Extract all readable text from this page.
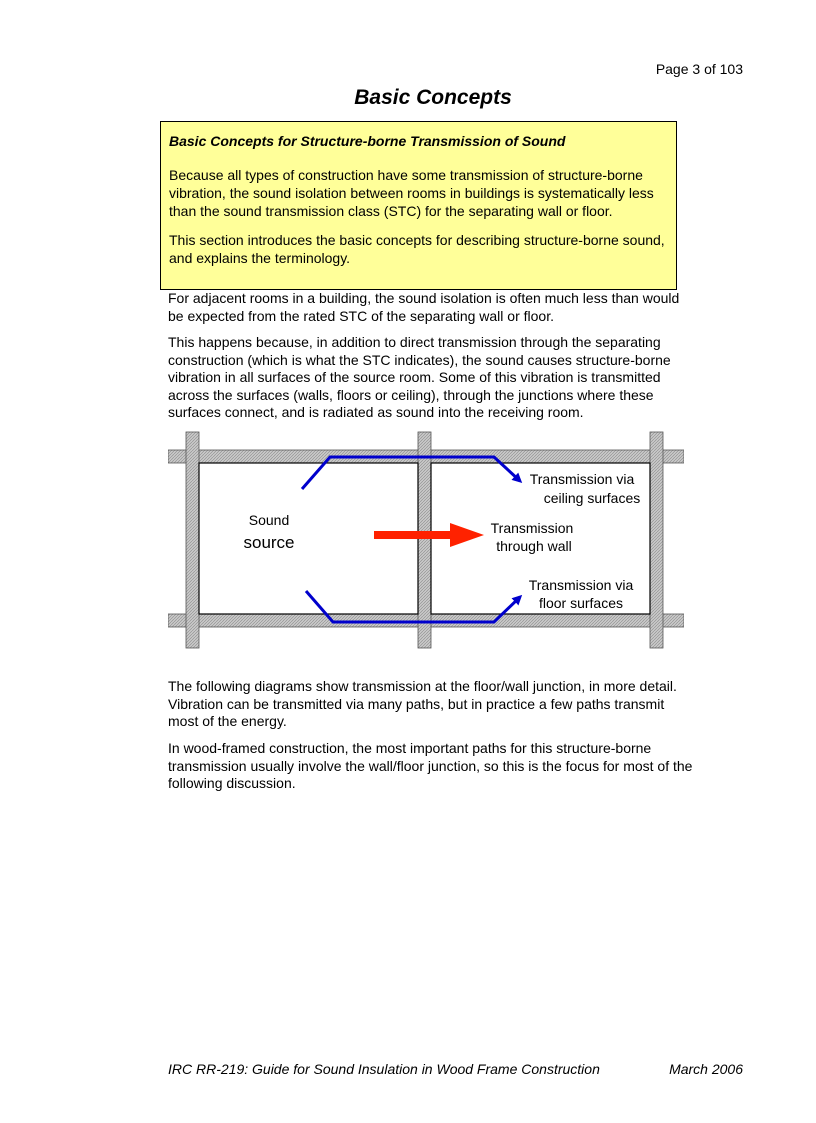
Page 3 of 103
Basic Concepts
Basic Concepts for Structure-borne Transmission of Sound

Because all types of construction have some transmission of structure-borne vibration, the sound isolation between rooms in buildings is systematically less than the sound transmission class (STC) for the separating wall or floor.

This section introduces the basic concepts for describing structure-borne sound, and explains the terminology.

For adjacent rooms in a building, the sound isolation is often much less than would be expected from the rated STC of the separating wall or floor.

This happens because, in addition to direct transmission through the separating construction (which is what the STC indicates), the sound causes structure-borne vibration in all surfaces of the source room. Some of this vibration is transmitted across the surfaces (walls, floors or ceiling), through the junctions where these surfaces connect, and is radiated as sound into the receiving room.

Sound
source
Transmission via
ceiling surfaces
Transmission
through wall
Transmission via
floor surfaces

The following diagrams show transmission at the floor/wall junction, in more detail. Vibration can be transmitted via many paths, but in practice a few paths transmit most of the energy.

In wood-framed construction, the most important paths for this structure-borne transmission usually involve the wall/floor junction, so this is the focus for most of the following discussion.

IRC RR-219: Guide for Sound Insulation in Wood Frame Construction	March 2006
